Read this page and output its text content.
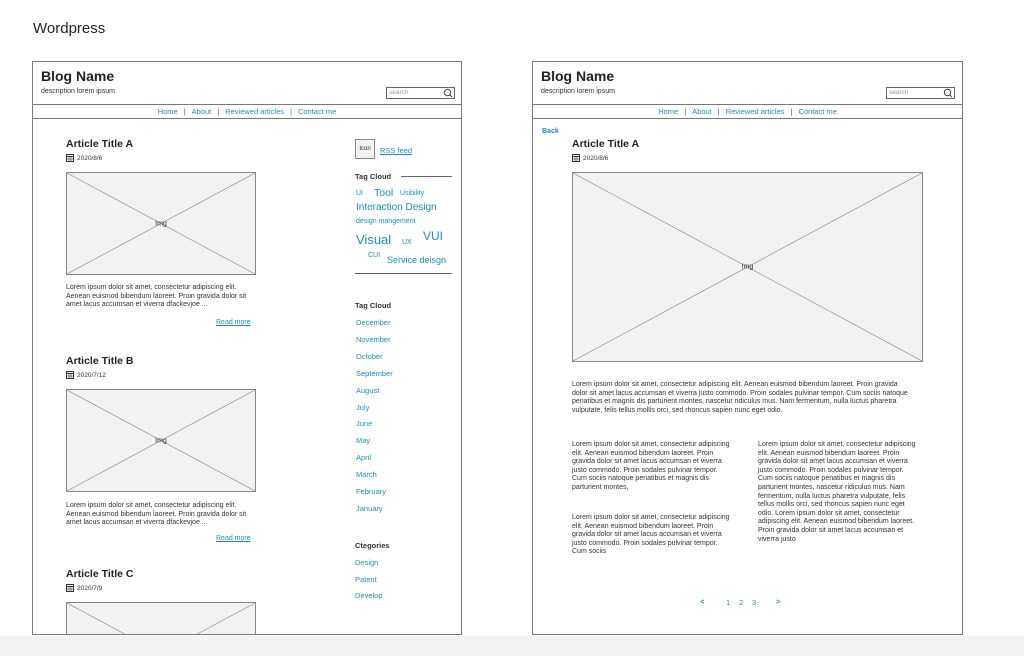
Wordpress
Blog Name
description lorem ipsum	search
Home | About | Reviewed articles | Contact me
Article Title A
2020/8/6
Img
Lorem ipsum dolor sit amet, consectetur adipiscing elit. Aenean euismod bibendum laoreet. Proin gravida dolor sit amet lacus accumsan et viverra dfackevjoe ...
Read more
Article Title B
2020/7/12
Img
Lorem ipsum dolor sit amet, consectetur adipiscing elit. Aenean euismod bibendum laoreet. Proin gravida dolor sit amet lacus accumsan et viverra dfackevjoe ...
Read more
Article Title C
2020/7/9
Icon	RSS feed
Tag Cloud
UI Tool Usibility
Interaction Design
design mangement
Visual UX VUI
CUI Service deisgn
Tag Cloud
December
November
October
September
August
July
June
May
April
March
February
January
Ctegories
Design
Patent
Develop
Blog Name
description lorem ipsum	search
Home | About | Reviewed articles | Contact me
Back
Article Title A
2020/8/6
Img
Lorem ipsum dolor sit amet, consectetur adipiscing elit. Aenean euismod bibendum laoreet. Proin gravida dolor sit amet lacus accumsan et viverra justo commodo. Proin sodales pulvinar tempor. Cum sociis natoque penatibus et magnis dis parturient montes, nascetur ridiculus mus. Nam fermentum, nulla luctus pharetra vulputate, felis tellus mollis orci, sed rhoncus sapien nunc eget odio.
Lorem ipsum dolor sit amet, consectetur adipiscing elit. Aenean euismod bibendum laoreet. Proin gravida dolor sit amet lacus accumsan et viverra justo commodo. Proin sodales pulvinar tempor. Cum sociis natoque penatibus et magnis dis parturient montes,
Lorem ipsum dolor sit amet, consectetur adipiscing elit. Aenean euismod bibendum laoreet. Proin gravida dolor sit amet lacus accumsan et viverra justo commodo. Proin sodales pulvinar tempor. Cum sociis
Lorem ipsum dolor sit amet, consectetur adipiscing elit. Aenean euismod bibendum laoreet. Proin gravida dolor sit amet lacus accumsan et viverra justo commodo. Proin sodales pulvinar tempor. Cum sociis natoque penatibus et magnis dis parturient montes, nascetur ridiculus mus. Nam fermentum, nulla luctus pharetra vulputate, felis tellus mollis orci, sed rhoncus sapien nunc eget odio. Lorem ipsum dolor sit amet, consectetur adipiscing elit. Aenean euismod bibendum laoreet. Proin gravida dolor sit amet lacus accumsan et viverra justo
<	1 2 3	>
